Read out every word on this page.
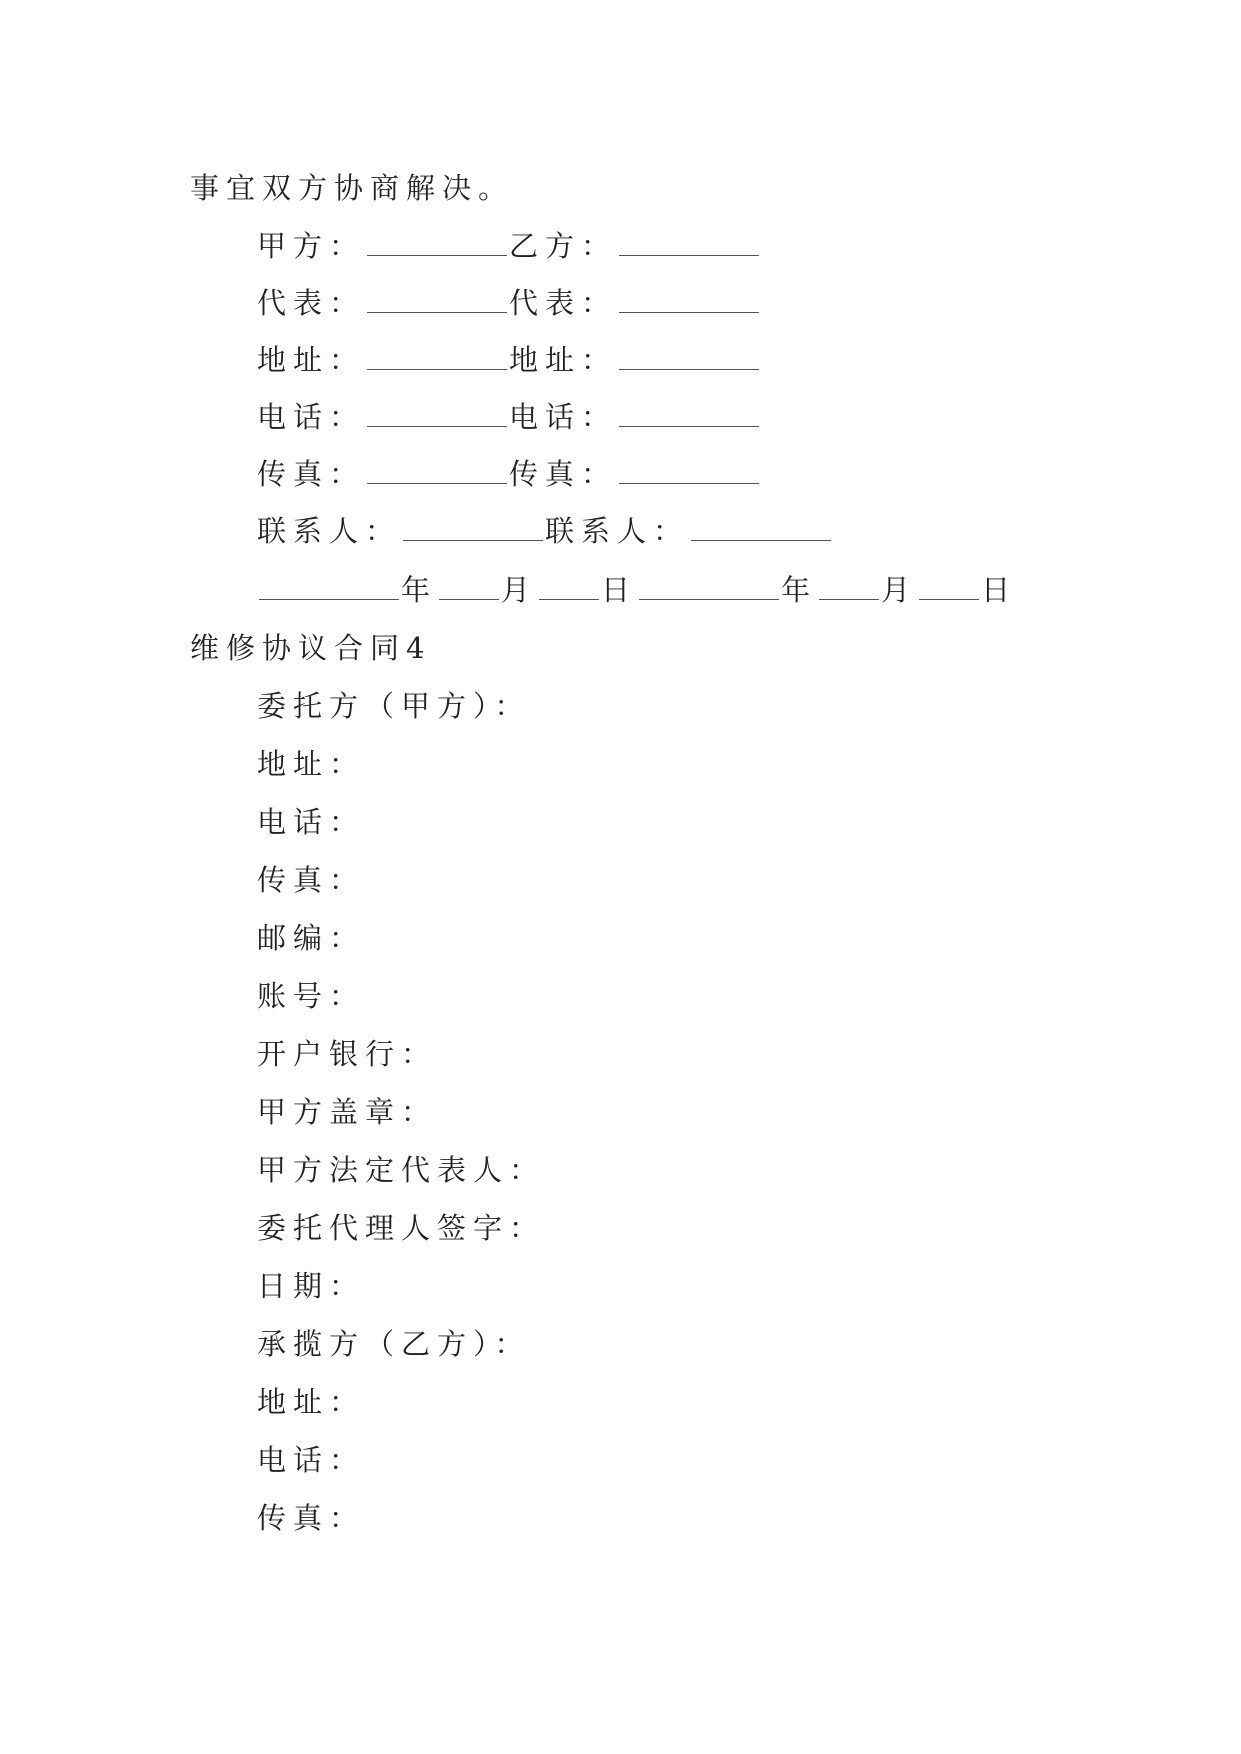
事宜双方协商解决。
甲方：	乙方：
代表：	代表：
地址：	地址：
电话：	电话：
传真：	传真：
联系人：	联系人：
年 月 日	年 月 日
维修协议合同4
委托方（甲方）：
地址：
电话：
传真：
邮编：
账号：
开户银行：
甲方盖章：
甲方法定代表人：
委托代理人签字：
日期：
承揽方（乙方）：
地址：
电话：
传真：
